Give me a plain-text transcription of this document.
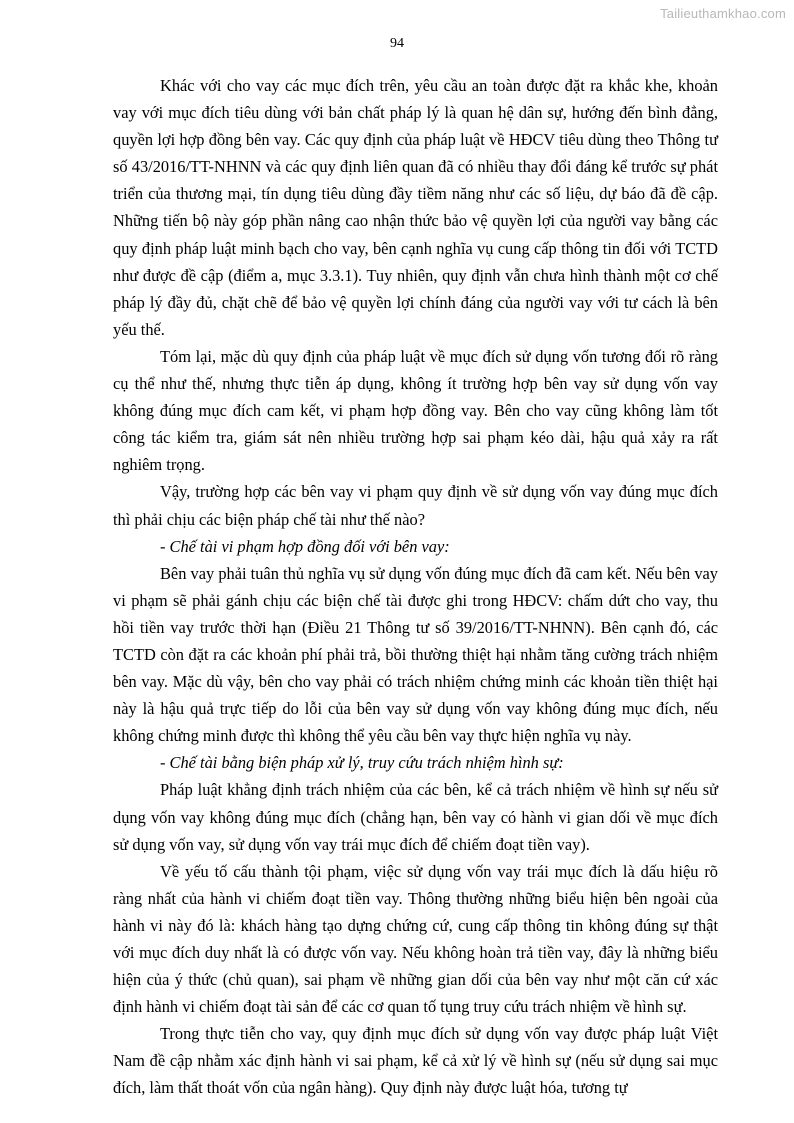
Tailieuthamkhao.com
94

Khác với cho vay các mục đích trên, yêu cầu an toàn được đặt ra khắc khe, khoản vay với mục đích tiêu dùng với bản chất pháp lý là quan hệ dân sự, hướng đến bình đẳng, quyền lợi hợp đồng bên vay. Các quy định của pháp luật về HĐCV tiêu dùng theo Thông tư số 43/2016/TT-NHNN và các quy định liên quan đã có nhiều thay đổi đáng kể trước sự phát triển của thương mại, tín dụng tiêu dùng đầy tiềm năng như các số liệu, dự báo đã đề cập. Những tiến bộ này góp phần nâng cao nhận thức bảo vệ quyền lợi của người vay bằng các quy định pháp luật minh bạch cho vay, bên cạnh nghĩa vụ cung cấp thông tin đối với TCTD như được đề cập (điểm a, mục 3.3.1). Tuy nhiên, quy định vẫn chưa hình thành một cơ chế pháp lý đầy đủ, chặt chẽ để bảo vệ quyền lợi chính đáng của người vay với tư cách là bên yếu thế.

Tóm lại, mặc dù quy định của pháp luật về mục đích sử dụng vốn tương đối rõ ràng cụ thể như thế, nhưng thực tiễn áp dụng, không ít trường hợp bên vay sử dụng vốn vay không đúng mục đích cam kết, vi phạm hợp đồng vay. Bên cho vay cũng không làm tốt công tác kiểm tra, giám sát nên nhiều trường hợp sai phạm kéo dài, hậu quả xảy ra rất nghiêm trọng.

Vậy, trường hợp các bên vay vi phạm quy định về sử dụng vốn vay đúng mục đích thì phải chịu các biện pháp chế tài như thế nào?

- Chế tài vi phạm hợp đồng đối với bên vay:

Bên vay phải tuân thủ nghĩa vụ sử dụng vốn đúng mục đích đã cam kết. Nếu bên vay vi phạm sẽ phải gánh chịu các biện chế tài được ghi trong HĐCV: chấm dứt cho vay, thu hồi tiền vay trước thời hạn (Điều 21 Thông tư số 39/2016/TT-NHNN). Bên cạnh đó, các TCTD còn đặt ra các khoản phí phải trả, bồi thường thiệt hại nhằm tăng cường trách nhiệm bên vay. Mặc dù vậy, bên cho vay phải có trách nhiệm chứng minh các khoản tiền thiệt hại này là hậu quả trực tiếp do lỗi của bên vay sử dụng vốn vay không đúng mục đích, nếu không chứng minh được thì không thể yêu cầu bên vay thực hiện nghĩa vụ này.

- Chế tài bằng biện pháp xử lý, truy cứu trách nhiệm hình sự:

Pháp luật khẳng định trách nhiệm của các bên, kể cả trách nhiệm về hình sự nếu sử dụng vốn vay không đúng mục đích (chẳng hạn, bên vay có hành vi gian dối về mục đích sử dụng vốn vay, sử dụng vốn vay trái mục đích để chiếm đoạt tiền vay).

Về yếu tố cấu thành tội phạm, việc sử dụng vốn vay trái mục đích là dấu hiệu rõ ràng nhất của hành vi chiếm đoạt tiền vay. Thông thường những biểu hiện bên ngoài của hành vi này đó là: khách hàng tạo dựng chứng cứ, cung cấp thông tin không đúng sự thật với mục đích duy nhất là có được vốn vay. Nếu không hoàn trả tiền vay, đây là những biểu hiện của ý thức (chủ quan), sai phạm về những gian dối của bên vay như một căn cứ xác định hành vi chiếm đoạt tài sản để các cơ quan tố tụng truy cứu trách nhiệm về hình sự.

Trong thực tiễn cho vay, quy định mục đích sử dụng vốn vay được pháp luật Việt Nam đề cập nhằm xác định hành vi sai phạm, kể cả xử lý về hình sự (nếu sử dụng sai mục đích, làm thất thoát vốn của ngân hàng). Quy định này được luật hóa, tương tự
